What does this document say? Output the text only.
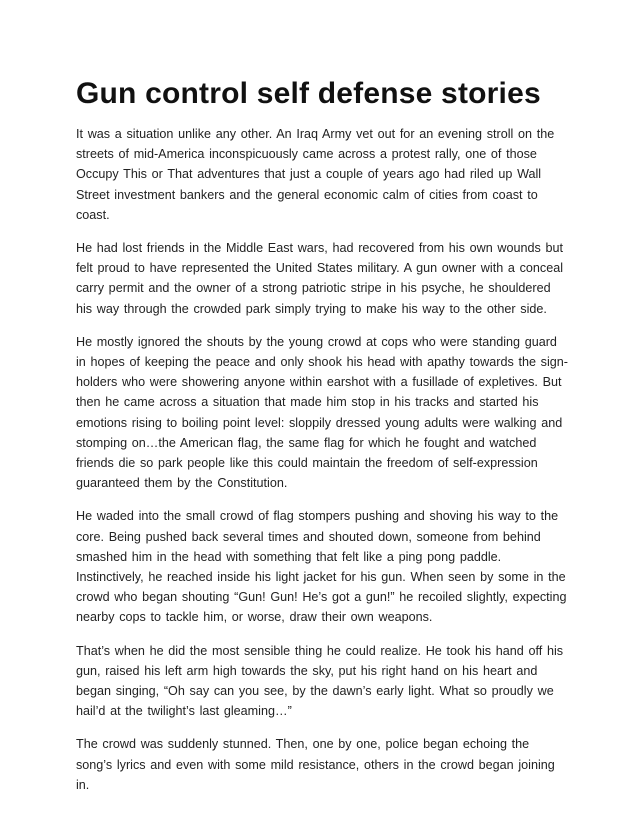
Gun control self defense stories

It was a situation unlike any other. An Iraq Army vet out for an evening stroll on the streets of mid-America inconspicuously came across a protest rally, one of those Occupy This or That adventures that just a couple of years ago had riled up Wall Street investment bankers and the general economic calm of cities from coast to coast.

He had lost friends in the Middle East wars, had recovered from his own wounds but felt proud to have represented the United States military. A gun owner with a conceal carry permit and the owner of a strong patriotic stripe in his psyche, he shouldered his way through the crowded park simply trying to make his way to the other side.

He mostly ignored the shouts by the young crowd at cops who were standing guard in hopes of keeping the peace and only shook his head with apathy towards the sign-holders who were showering anyone within earshot with a fusillade of expletives. But then he came across a situation that made him stop in his tracks and started his emotions rising to boiling point level: sloppily dressed young adults were walking and stomping on…the American flag, the same flag for which he fought and watched friends die so park people like this could maintain the freedom of self-expression guaranteed them by the Constitution.

He waded into the small crowd of flag stompers pushing and shoving his way to the core. Being pushed back several times and shouted down, someone from behind smashed him in the head with something that felt like a ping pong paddle. Instinctively, he reached inside his light jacket for his gun. When seen by some in the crowd who began shouting “Gun! Gun! He’s got a gun!” he recoiled slightly, expecting nearby cops to tackle him, or worse, draw their own weapons.

That’s when he did the most sensible thing he could realize. He took his hand off his gun, raised his left arm high towards the sky, put his right hand on his heart and began singing, “Oh say can you see, by the dawn’s early light. What so proudly we hail’d at the twilight’s last gleaming…”

The crowd was suddenly stunned. Then, one by one, police began echoing the song’s lyrics and even with some mild resistance, others in the crowd began joining in.
